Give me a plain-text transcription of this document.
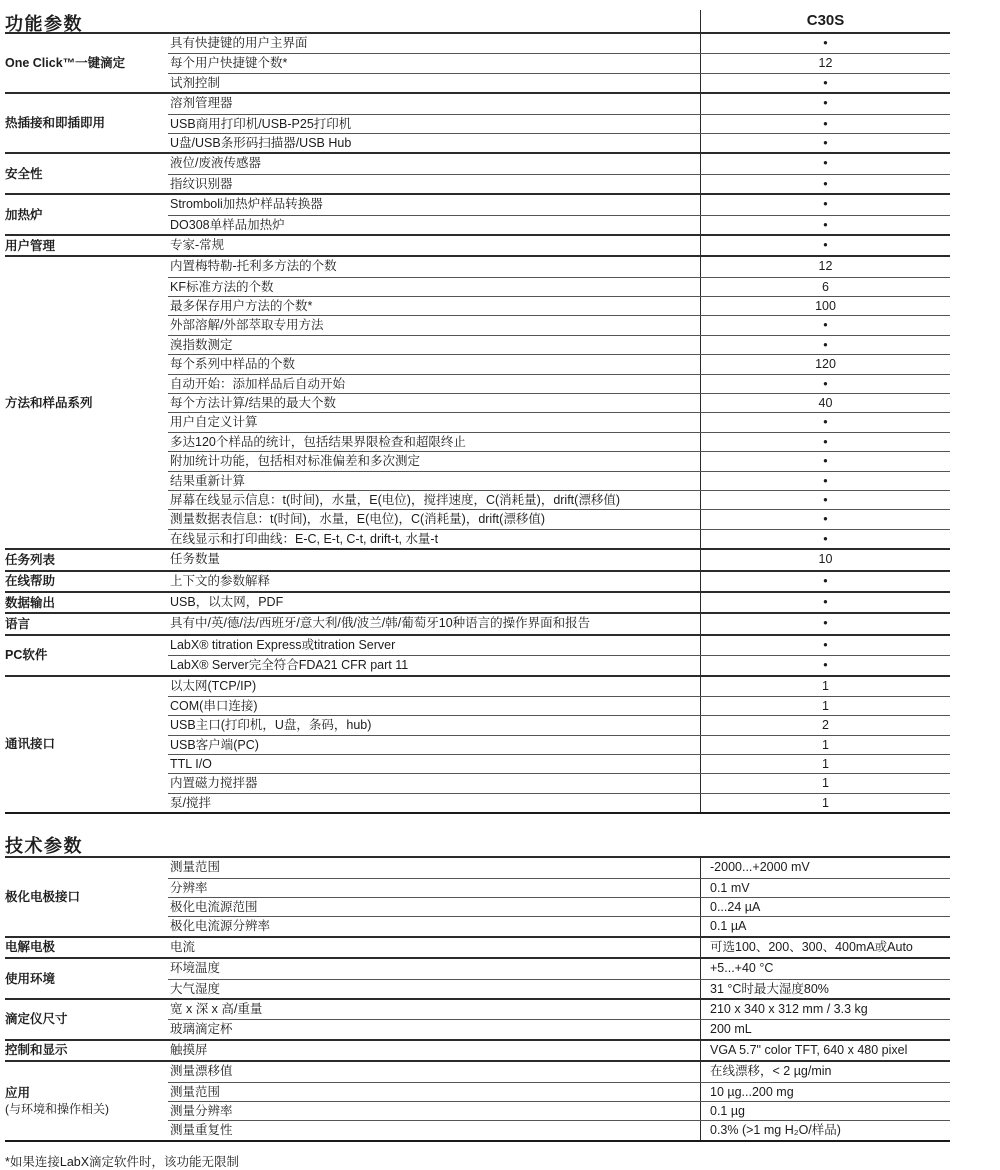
功能参数	C30S
One Click™一键滴定
具有快捷键的用户主界面	•
每个用户快捷键个数*	12
试剂控制	•
热插接和即插即用
溶剂管理器	•
USB商用打印机/USB-P25打印机	•
U盘/USB条形码扫描器/USB Hub	•
安全性
液位/废液传感器	•
指纹识别器	•
加热炉
Stromboli加热炉样品转换器	•
DO308单样品加热炉	•
用户管理	专家-常规	•
方法和样品系列
内置梅特勒-托利多方法的个数	12
KF标准方法的个数	6
最多保存用户方法的个数*	100
外部溶解/外部萃取专用方法	•
溴指数测定	•
每个系列中样品的个数	120
自动开始：添加样品后自动开始	•
每个方法计算/结果的最大个数	40
用户自定义计算	•
多达120个样品的统计，包括结果界限检查和超限终止	•
附加统计功能，包括相对标准偏差和多次测定	•
结果重新计算	•
屏幕在线显示信息：t(时间)，水量，E(电位)，搅拌速度，C(消耗量)，drift(漂移值)	•
测量数据表信息：t(时间)，水量，E(电位)，C(消耗量)，drift(漂移值)	•
在线显示和打印曲线：E-C, E-t, C-t, drift-t, 水量-t	•
任务列表	任务数量	10
在线帮助	上下文的参数解释	•
数据输出	USB，以太网，PDF	•
语言	具有中/英/德/法/西班牙/意大利/俄/波兰/韩/葡萄牙10种语言的操作界面和报告	•
PC软件
LabX® titration Express或titration Server	•
LabX® Server完全符合FDA21 CFR part 11	•
通讯接口
以太网(TCP/IP)	1
COM(串口连接)	1
USB主口(打印机，U盘，条码，hub)	2
USB客户端(PC)	1
TTL I/O	1
内置磁力搅拌器	1
泵/搅拌	1
技术参数
极化电极接口
测量范围	-2000...+2000 mV
分辨率	0.1 mV
极化电流源范围	0...24 µA
极化电流源分辨率	0.1 µA
电解电极	电流	可选100、200、300、400mA或Auto
使用环境
环境温度	+5...+40 °C
大气湿度	31 °C时最大湿度80%
滴定仪尺寸
宽 x 深 x 高/重量	210 x 340 x 312 mm / 3.3 kg
玻璃滴定杯	200 mL
控制和显示	触摸屏	VGA 5.7" color TFT, 640 x 480 pixel
应用
(与环境和操作相关)
测量漂移值	在线漂移，< 2 µg/min
测量范围	10 µg...200 mg
测量分辨率	0.1 µg
测量重复性	0.3% (>1 mg H₂O/样品)
*如果连接LabX滴定软件时，该功能无限制
